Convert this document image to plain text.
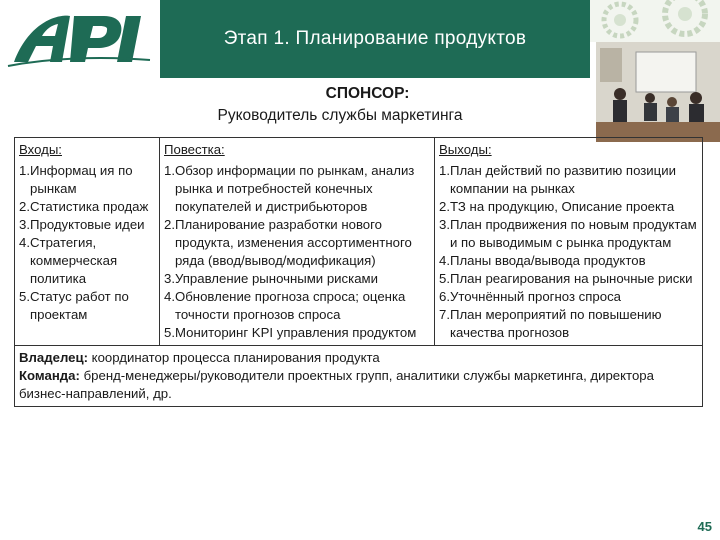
Этап 1. Планирование продуктов
СПОНСОР:
Руководитель службы маркетинга
Входы:
1. Информац ия по рынкам
2. Статистика продаж
3. Продуктовые идеи
4. Стратегия, коммерческая политика
5. Статус работ по проектам

Повестка:
1. Обзор информации по рынкам, анализ рынка и потребностей конечных покупателей и дистрибьюторов
2. Планирование разработки нового продукта, изменения ассортиментного ряда (ввод/вывод/модификация)
3. Управление рыночными рисками
4. Обновление прогноза спроса; оценка точности прогнозов спроса
5. Мониторинг KPI управления продуктом

Выходы:
1. План действий по развитию позиции компании на рынках
2. ТЗ на продукцию, Описание проекта
3. План продвижения по новым продуктам и по выводимым с рынка продуктам
4. Планы ввода/вывода продуктов
5. План реагирования на рыночные риски
6. Уточнённый прогноз спроса
7. План мероприятий по повышению качества прогнозов

Владелец: координатор процесса планирования продукта
Команда: бренд-менеджеры/руководители проектных групп, аналитики службы маркетинга, директора бизнес-направлений, др.
45
